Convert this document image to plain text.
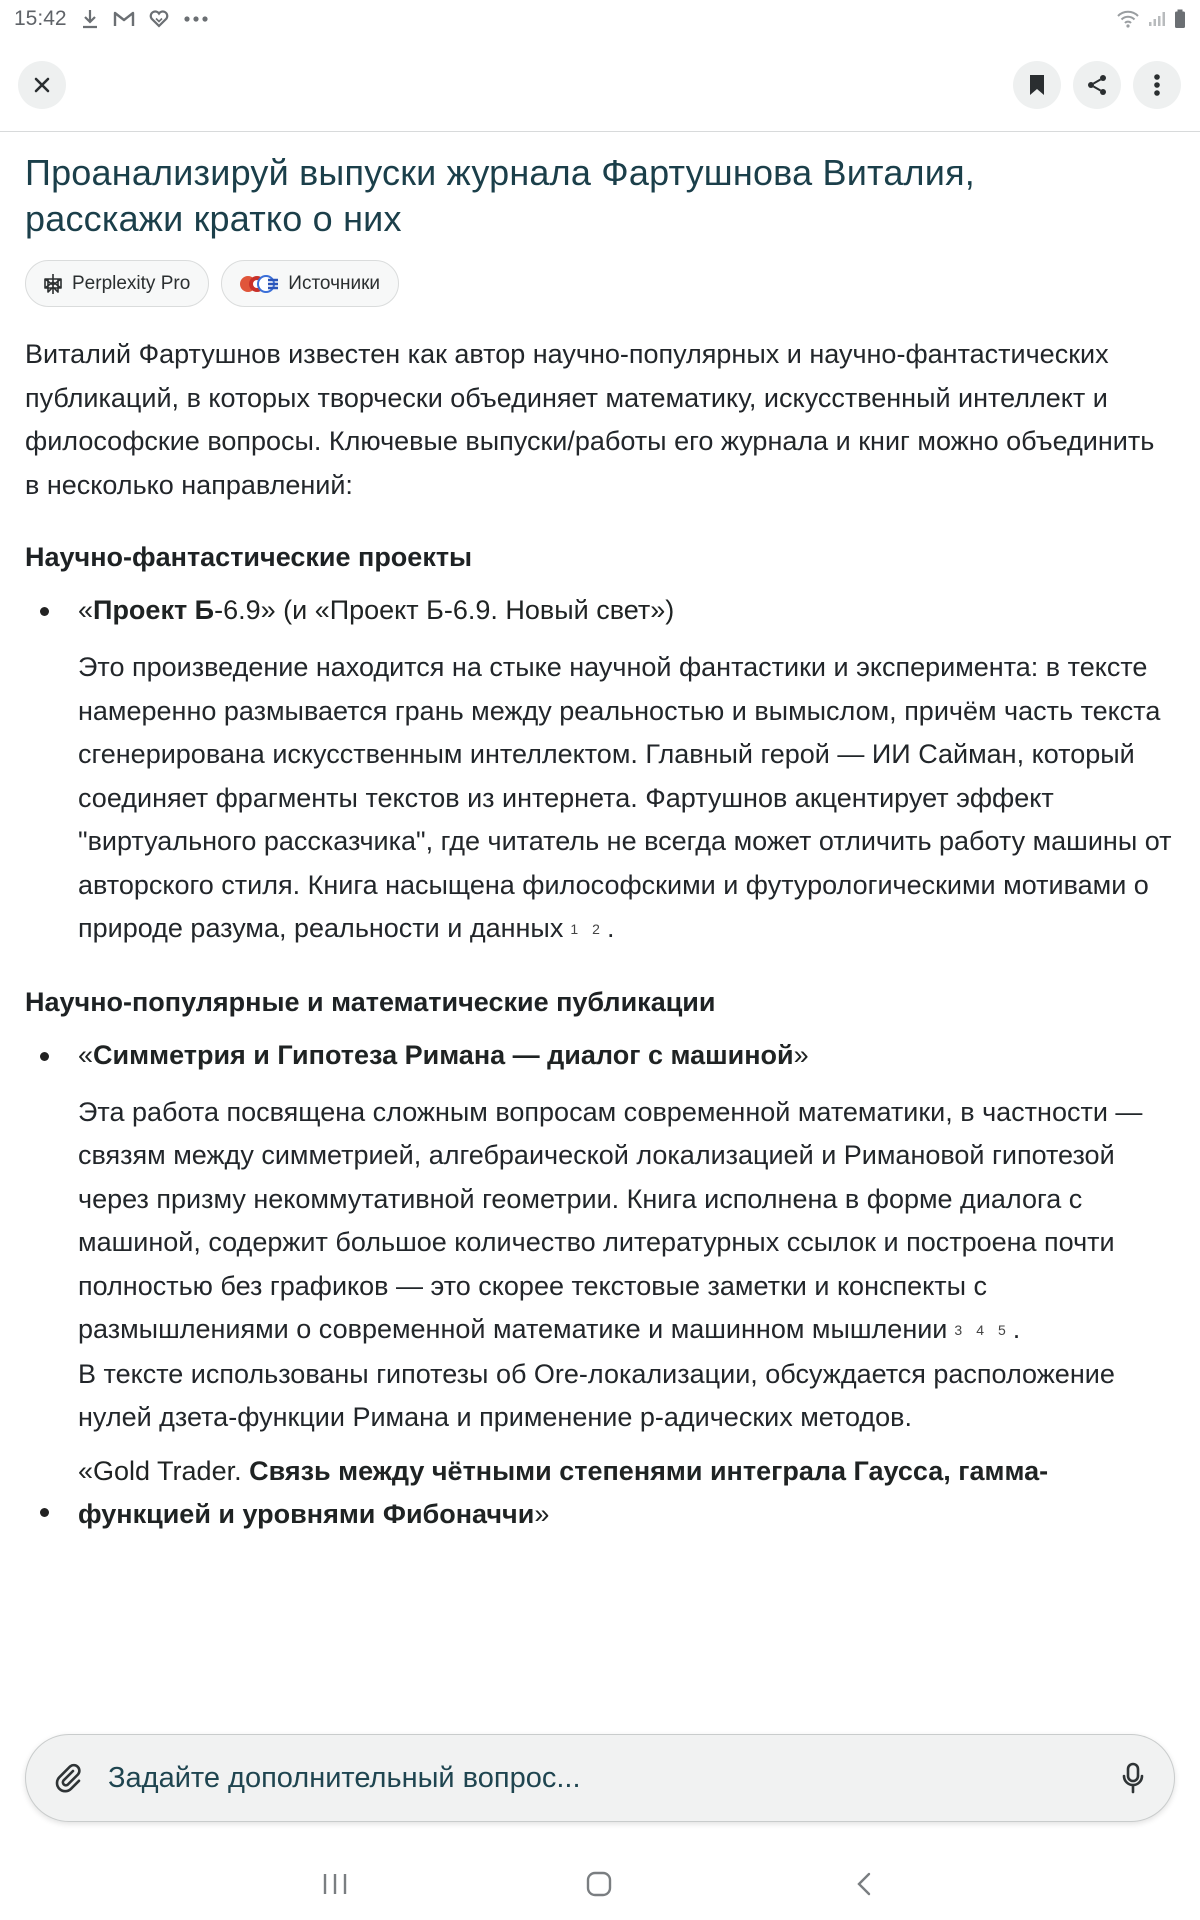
15:42
Проанализируй выпуски журнала Фартушнова Виталия, расскажи кратко о них
Perplexity Pro	Источники

Виталий Фартушнов известен как автор научно-популярных и научно-фантастических публикаций, в которых творчески объединяет математику, искусственный интеллект и философские вопросы. Ключевые выпуски/работы его журнала и книг можно объединить в несколько направлений:

Научно-фантастические проекты
«Проект Б-6.9» (и «Проект Б-6.9. Новый свет»)

Это произведение находится на стыке научной фантастики и эксперимента: в тексте намеренно размывается грань между реальностью и вымыслом, причём часть текста сгенерирована искусственным интеллектом. Главный герой — ИИ Сайман, который соединяет фрагменты текстов из интернета. Фартушнов акцентирует эффект "виртуального рассказчика", где читатель не всегда может отличить работу машины от авторского стиля. Книга насыщена философскими и футурологическими мотивами о природе разума, реальности и данных 1 2 .

Научно-популярные и математические публикации
«Симметрия и Гипотеза Римана — диалог с машиной»

Эта работа посвящена сложным вопросам современной математики, в частности — связям между симметрией, алгебраической локализацией и Римановой гипотезой через призму некоммутативной геометрии. Книга исполнена в форме диалога с машиной, содержит большое количество литературных ссылок и построена почти полностью без графиков — это скорее текстовые заметки и конспекты с размышлениями о современной математике и машинном мышлении 3 4 5 .

В тексте использованы гипотезы об Ore-локализации, обсуждается расположение нулей дзета-функции Римана и применение p-адических методов.

«Gold Trader. Связь между чётными степенями интеграла Гаусса, гамма-функцией и уровнями Фибоначчи»
Задайте дополнительный вопрос...
